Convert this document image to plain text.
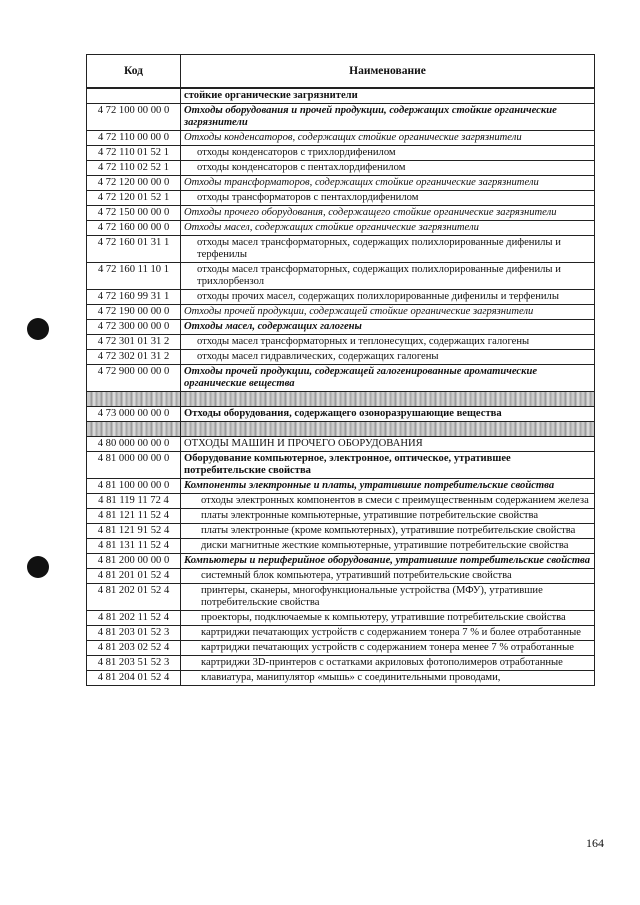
Код	Наименование
	стойкие органические загрязнители
4 72 100 00 00 0	Отходы оборудования и прочей продукции, содержащих стойкие органические загрязнители
4 72 110 00 00 0	Отходы конденсаторов, содержащих стойкие органические загрязнители
4 72 110 01 52 1	отходы конденсаторов с трихлордифенилом
4 72 110 02 52 1	отходы конденсаторов с пентахлордифенилом
4 72 120 00 00 0	Отходы трансформаторов, содержащих стойкие органические загрязнители
4 72 120 01 52 1	отходы трансформаторов с пентахлордифенилом
4 72 150 00 00 0	Отходы прочего оборудования, содержащего стойкие органические загрязнители
4 72 160 00 00 0	Отходы масел, содержащих стойкие органические загрязнители
4 72 160 01 31 1	отходы масел трансформаторных, содержащих полихлорированные дифенилы и терфенилы
4 72 160 11 10 1	отходы масел трансформаторных, содержащих полихлорированные дифенилы и трихлорбензол
4 72 160 99 31 1	отходы прочих масел, содержащих полихлорированные дифенилы и терфенилы
4 72 190 00 00 0	Отходы прочей продукции, содержащей стойкие органические загрязнители
4 72 300 00 00 0	Отходы масел, содержащих галогены
4 72 301 01 31 2	отходы масел трансформаторных и теплонесущих, содержащих галогены
4 72 302 01 31 2	отходы масел гидравлических, содержащих галогены
4 72 900 00 00 0	Отходы прочей продукции, содержащей галогенированные ароматические органические вещества

4 73 000 00 00 0	Отходы оборудования, содержащего озоноразрушающие вещества

4 80 000 00 00 0	ОТХОДЫ МАШИН И ПРОЧЕГО ОБОРУДОВАНИЯ
4 81 000 00 00 0	Оборудование компьютерное, электронное, оптическое, утратившее потребительские свойства
4 81 100 00 00 0	Компоненты электронные и платы, утратившие потребительские свойства
4 81 119 11 72 4	отходы электронных компонентов в смеси с преимущественным содержанием железа
4 81 121 11 52 4	платы электронные компьютерные, утратившие потребительские свойства
4 81 121 91 52 4	платы электронные (кроме компьютерных), утратившие потребительские свойства
4 81 131 11 52 4	диски магнитные жесткие компьютерные, утратившие потребительские свойства
4 81 200 00 00 0	Компьютеры и периферийное оборудование, утратившие потребительские свойства
4 81 201 01 52 4	системный блок компьютера, утративший потребительские свойства
4 81 202 01 52 4	принтеры, сканеры, многофункциональные устройства (МФУ), утратившие потребительские свойства
4 81 202 11 52 4	проекторы, подключаемые к компьютеру, утратившие потребительские свойства
4 81 203 01 52 3	картриджи печатающих устройств с содержанием тонера 7 % и более отработанные
4 81 203 02 52 4	картриджи печатающих устройств с содержанием тонера менее 7 % отработанные
4 81 203 51 52 3	картриджи 3D-принтеров с остатками акриловых фотополимеров отработанные
4 81 204 01 52 4	клавиатура, манипулятор «мышь» с соединительными проводами,
164
